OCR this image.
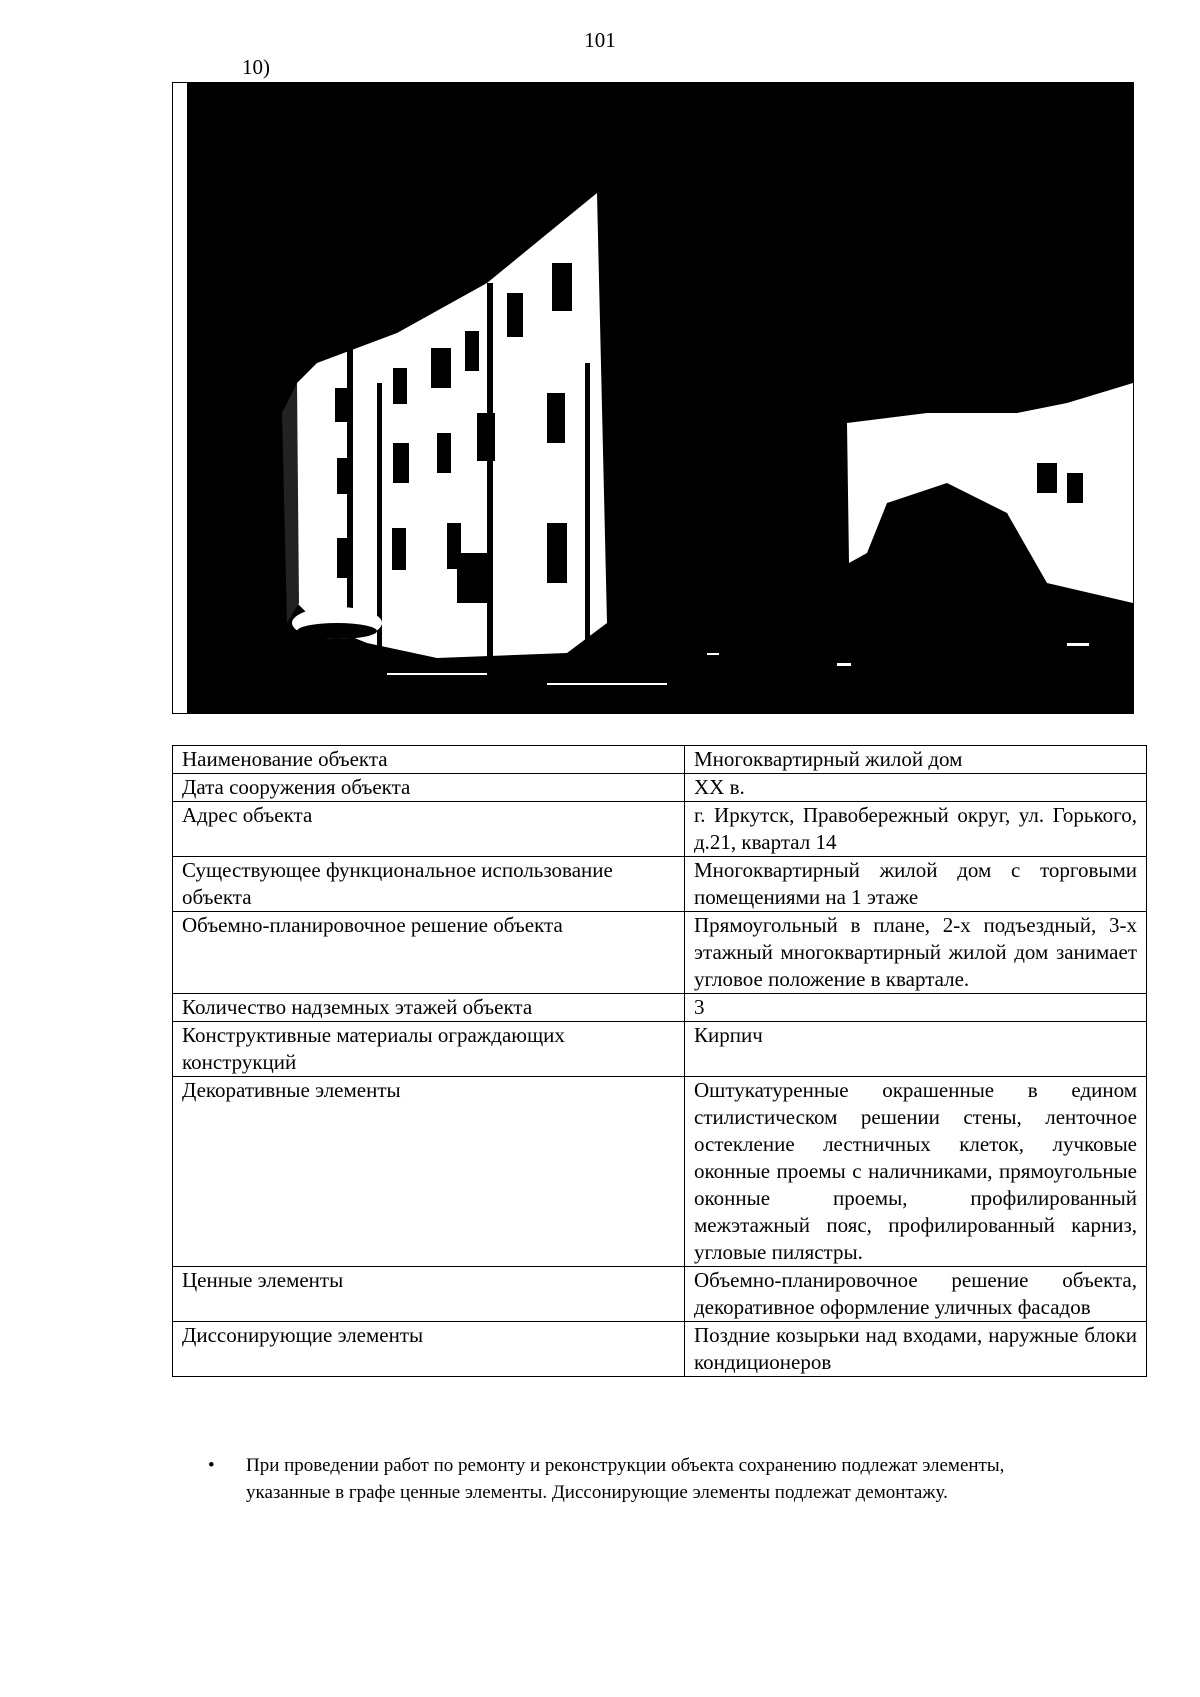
101
10)
Наименование объекта	Многоквартирный жилой дом
Дата сооружения объекта	XX в.
Адрес объекта	г. Иркутск, Правобережный округ, ул. Горького, д.21, квартал 14
Существующее функциональное использование объекта	Многоквартирный жилой дом с торговыми помещениями на 1 этаже
Объемно-планировочное решение объекта	Прямоугольный в плане, 2-х подъездный, 3-х этажный многоквартирный жилой дом занимает угловое положение в квартале.
Количество надземных этажей объекта	3
Конструктивные материалы ограждающих конструкций	Кирпич
Декоративные элементы	Оштукатуренные окрашенные в едином стилистическом решении стены, ленточное остекление лестничных клеток, лучковые оконные проемы с наличниками, прямоугольные оконные проемы, профилированный межэтажный пояс, профилированный карниз, угловые пилястры.
Ценные элементы	Объемно-планировочное решение объекта, декоративное оформление уличных фасадов
Диссонирующие элементы	Поздние козырьки над входами, наружные блоки кондиционеров
• При проведении работ по ремонту и реконструкции объекта сохранению подлежат элементы, указанные в графе ценные элементы. Диссонирующие элементы подлежат демонтажу.
